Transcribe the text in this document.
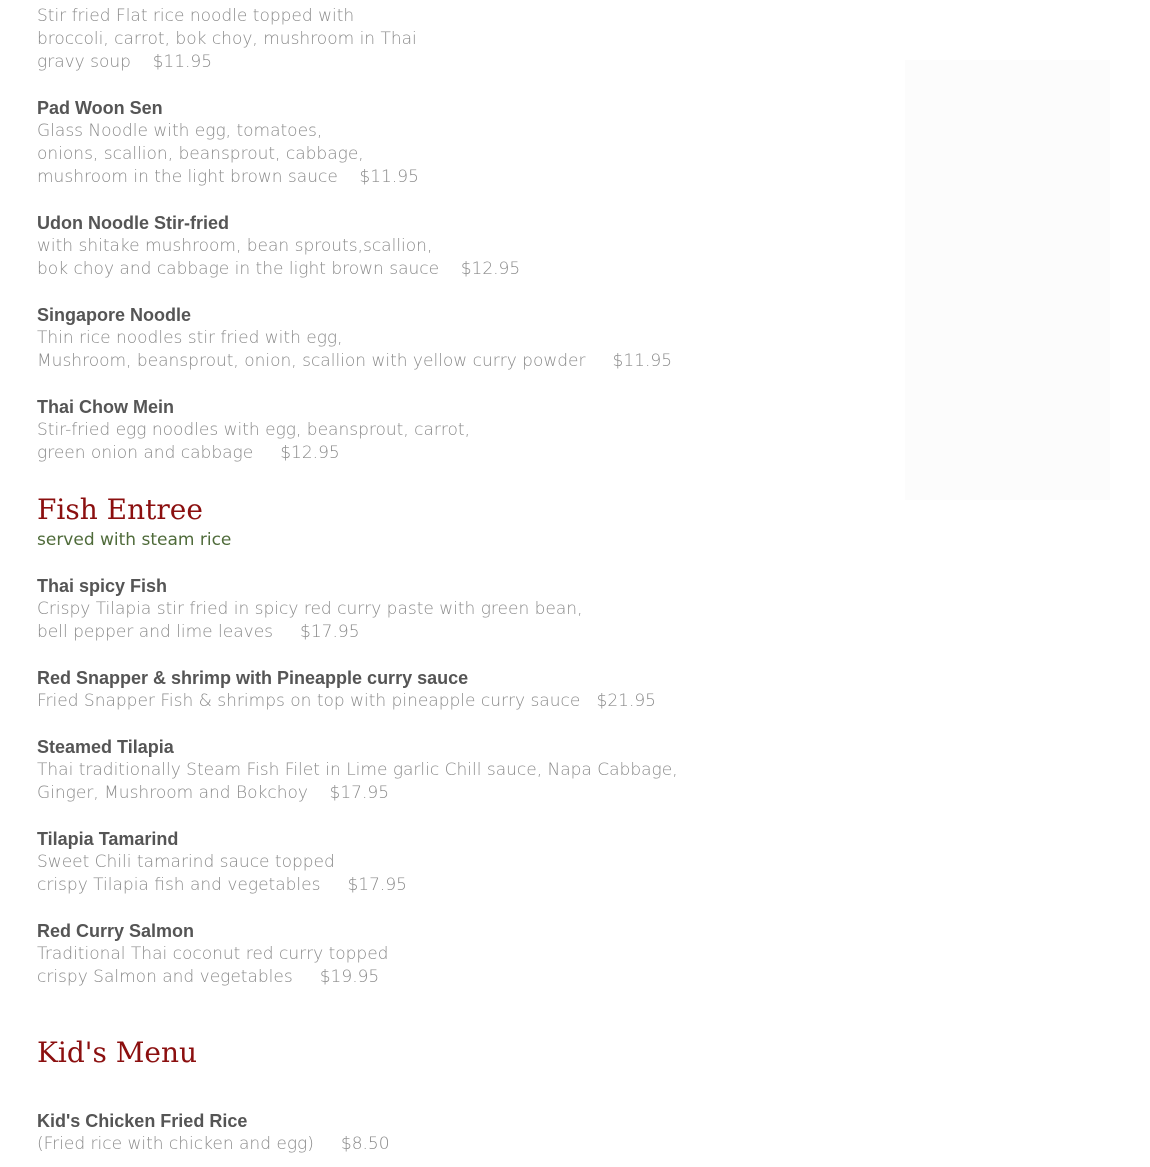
Stir fried Flat rice noodle topped with
broccoli, carrot, bok choy, mushroom in Thai
gravy soup    $11.95
Pad Woon Sen
Glass Noodle with egg, tomatoes,
onions, scallion, beansprout, cabbage,
mushroom in the light brown sauce    $11.95
Udon Noodle Stir-fried
with shitake mushroom, bean sprouts,scallion,
bok choy and cabbage in the light brown sauce    $12.95
Singapore Noodle
Thin rice noodles stir fried with egg,
Mushroom, beansprout, onion, scallion with yellow curry powder     $11.95
Thai Chow Mein
Stir-fried egg noodles with egg, beansprout, carrot,
green onion and cabbage     $12.95
Fish Entree
served with steam rice
Thai spicy Fish
Crispy Tilapia stir fried in spicy red curry paste with green bean,
bell pepper and lime leaves     $17.95
Red Snapper & shrimp with Pineapple curry sauce
Fried Snapper Fish & shrimps on top with pineapple curry sauce   $21.95
Steamed Tilapia
Thai traditionally Steam Fish Filet in Lime garlic Chill sauce, Napa Cabbage,
Ginger, Mushroom and Bokchoy    $17.95
Tilapia Tamarind
Sweet Chili tamarind sauce topped
crispy Tilapia fish and vegetables     $17.95
Red Curry Salmon
Traditional Thai coconut red curry topped
crispy Salmon and vegetables     $19.95
Kid's Menu
Kid's Chicken Fried Rice
(Fried rice with chicken and egg)     $8.50
